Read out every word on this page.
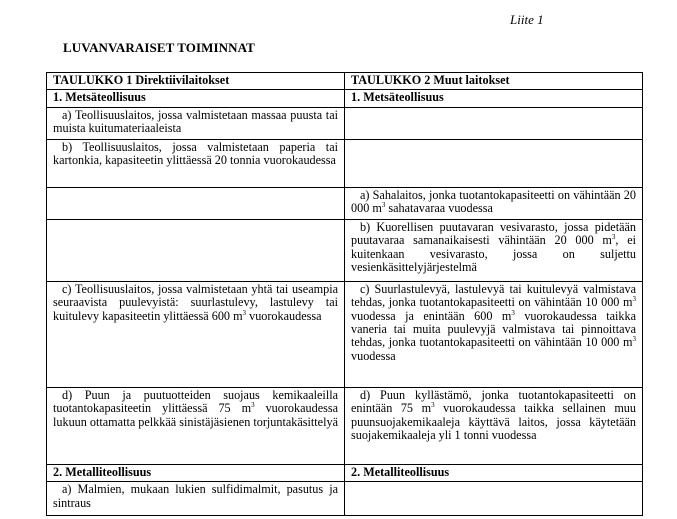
Liite 1
LUVANVARAISET TOIMINNAT
TAULUKKO 1 Direktiivilaitokset	TAULUKKO 2 Muut laitokset
1. Metsäteollisuus	1. Metsäteollisuus

a) Teollisuuslaitos, jossa valmistetaan massaa puusta tai muista kuitumateriaaleista	

b) Teollisuuslaitos, jossa valmistetaan paperia tai kartonkia, kapasiteetin ylittäessä 20 tonnia vuorokaudessa	

	a) Sahalaitos, jonka tuotantokapasiteetti on vähintään 20 000 $m^3$ sahatavaraa vuodessa

	b) Kuorellisen puutavaran vesivarasto, jossa pidetään puutavaraa samanaikaisesti vähintään 20 000 $m^3$, ei kuitenkaan vesivarasto, jossa on suljettu vesienkäsittelyjärjestelmä

c) Teollisuuslaitos, jossa valmistetaan yhtä tai useampia seuraavista puulevyistä: suurlastulevy, lastulevy tai kuitulevy kapasiteetin ylittäessä 600 $m^3$ vuorokaudessa	c) Suurlastulevyä, lastulevyä tai kuitulevyä valmistava tehdas, jonka tuotantokapasiteetti on vähintään 10 000 $m^3$ vuodessa ja enintään 600 $m^3$ vuorokaudessa taikka vaneria tai muita puulevyjä valmistava tai pinnoittava tehdas, jonka tuotantokapasiteetti on vähintään 10 000 $m^3$ vuodessa

d) Puun ja puutuotteiden suojaus kemikaaleilla tuotantokapasiteetin ylittäessä 75 $m^3$ vuorokaudessa lukuun ottamatta pelkkää sinistäjäsienen torjuntakäsittelyä	d) Puun kyllästämö, jonka tuotantokapasiteetti on enintään 75 $m^3$ vuorokaudessa taikka sellainen muu puunsuojakemikaaleja käyttävä laitos, jossa käytetään suojakemikaaleja yli 1 tonni vuodessa

2. Metalliteollisuus	2. Metalliteollisuus

a) Malmien, mukaan lukien sulfidimalmit, pasutus ja sintraus	
